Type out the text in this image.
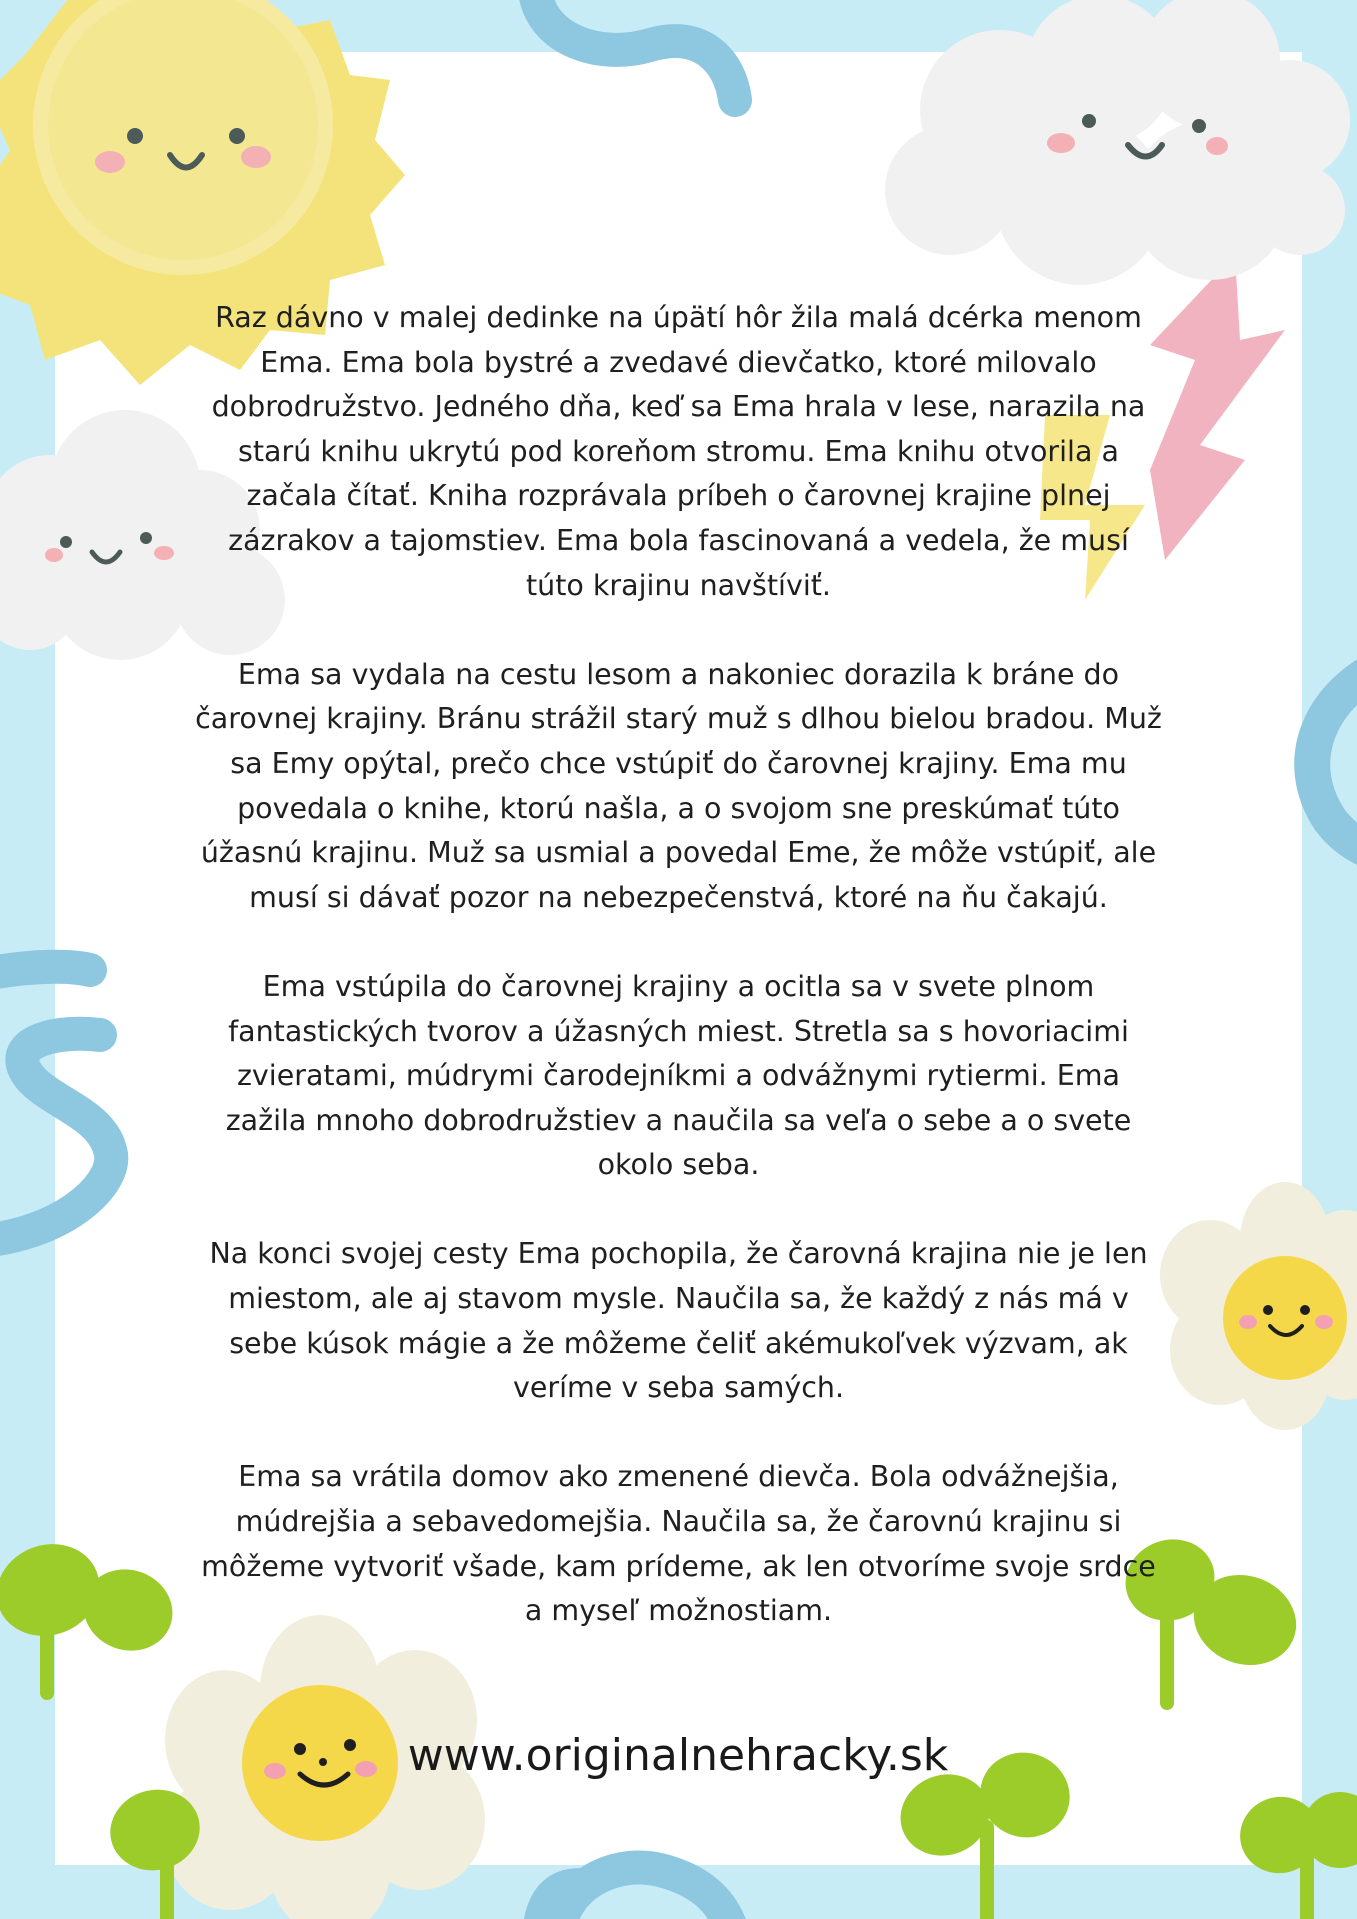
Raz dávno v malej dedinke na úpätí hôr žila malá dcérka menom Ema. Ema bola bystré a zvedavé dievčatko, ktoré milovalo dobrodružstvo. Jedného dňa, keď sa Ema hrala v lese, narazila na starú knihu ukrytú pod koreňom stromu. Ema knihu otvorila a začala čítať. Kniha rozprávala príbeh o čarovnej krajine plnej zázrakov a tajomstiev. Ema bola fascinovaná a vedela, že musí túto krajinu navštíviť.

Ema sa vydala na cestu lesom a nakoniec dorazila k bráne do čarovnej krajiny. Bránu strážil starý muž s dlhou bielou bradou. Muž sa Emy opýtal, prečo chce vstúpiť do čarovnej krajiny. Ema mu povedala o knihe, ktorú našla, a o svojom sne preskúmať túto úžasnú krajinu. Muž sa usmial a povedal Eme, že môže vstúpiť, ale musí si dávať pozor na nebezpečenstvá, ktoré na ňu čakajú.

Ema vstúpila do čarovnej krajiny a ocitla sa v svete plnom fantastických tvorov a úžasných miest. Stretla sa s hovoriacimi zvieratami, múdrymi čarodejníkmi a odvážnymi rytiermi. Ema zažila mnoho dobrodružstiev a naučila sa veľa o sebe a o svete okolo seba.

Na konci svojej cesty Ema pochopila, že čarovná krajina nie je len miestom, ale aj stavom mysle. Naučila sa, že každý z nás má v sebe kúsok mágie a že môžeme čeliť akémukoľvek výzvam, ak veríme v seba samých.

Ema sa vrátila domov ako zmenené dievča. Bola odvážnejšia, múdrejšia a sebavedomejšia. Naučila sa, že čarovnú krajinu si môžeme vytvoriť všade, kam prídeme, ak len otvoríme svoje srdce a myseľ možnostiam.

www.originalnehracky.sk
